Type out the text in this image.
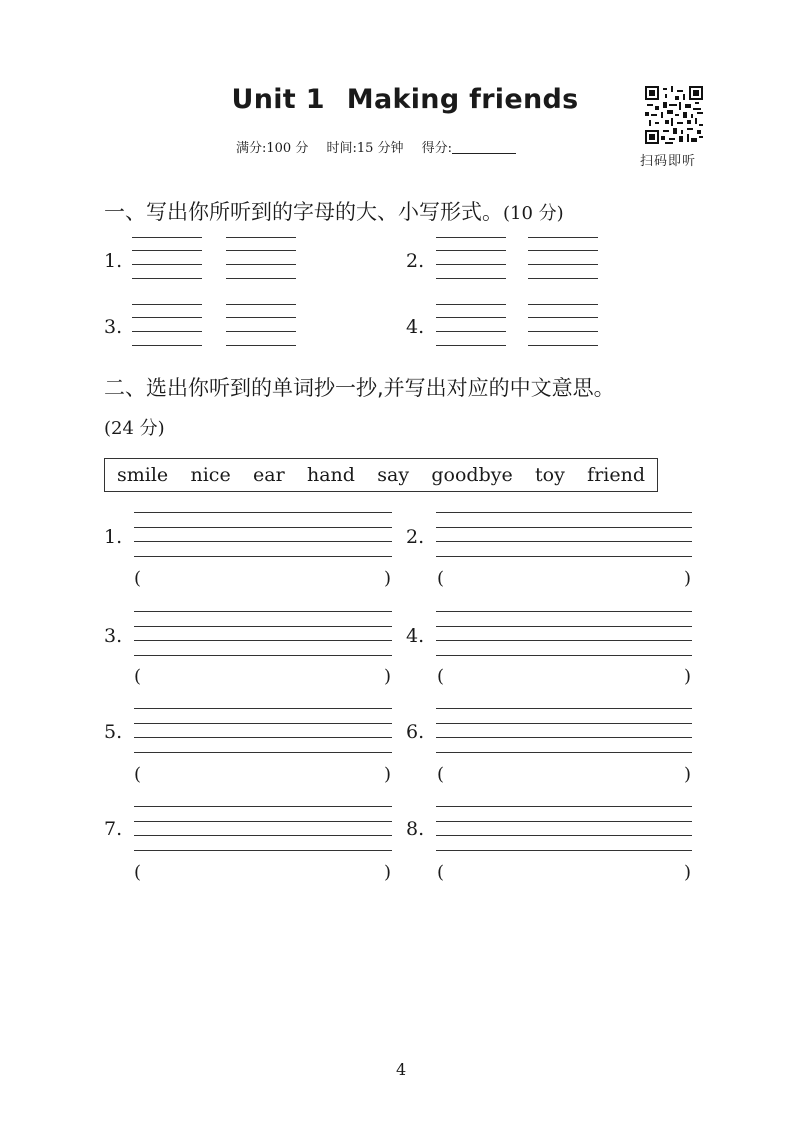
Unit 1 Making friends
满分:100 分 时间:15 分钟 得分:
扫码即听
一、写出你所听到的字母的大、小写形式。(10 分)
1.	2.
3.	4.
二、选出你听到的单词抄一抄,并写出对应的中文意思。
(24 分)
smile nice ear hand say goodbye toy friend
1.
(	)
2.
(	)
3.
(	)
4.
(	)
5.
(	)
6.
(	)
7.
(	)
8.
(	)
4
